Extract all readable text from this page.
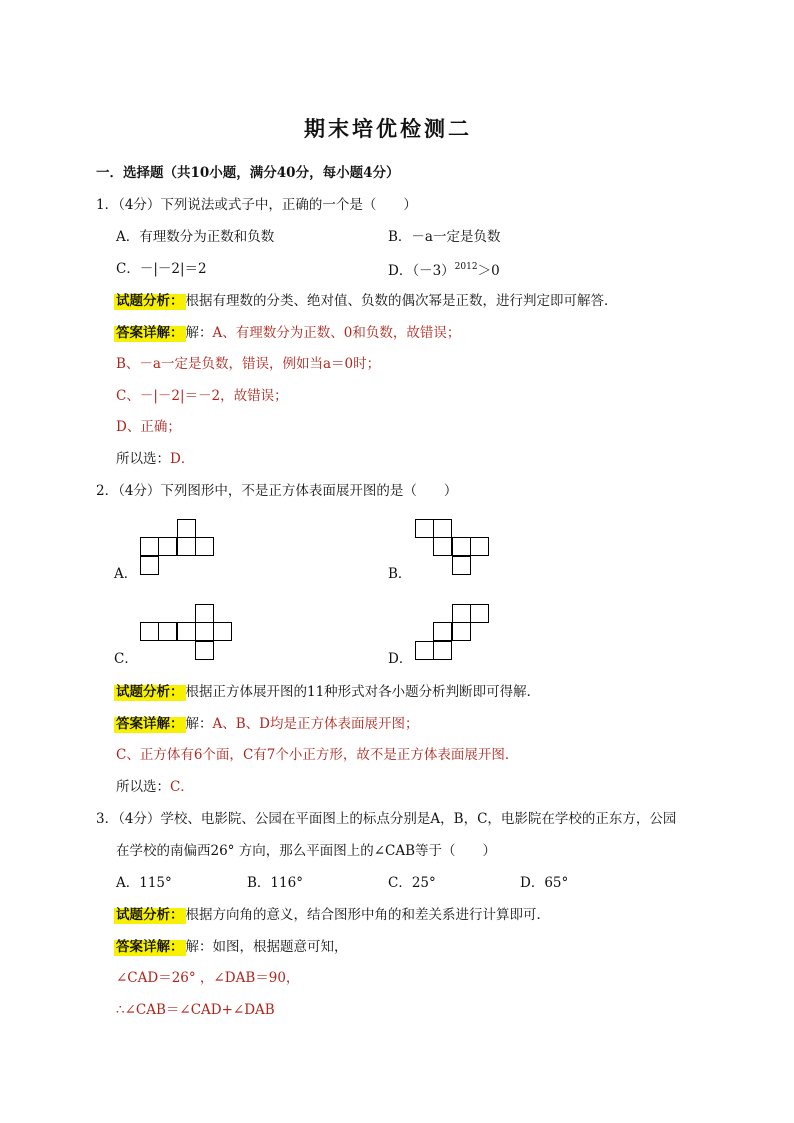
期末培优检测二
一．选择题（共10小题，满分40分，每小题4分）
1．（4分）下列说法或式子中，正确的一个是（　　）
A．有理数分为正数和负数	B．－a一定是负数
C．－|－2|＝2	D．$(-3)^{2012}>0$
试题分析： 根据有理数的分类、绝对值、负数的偶次幂是正数，进行判定即可解答．
答案详解： 解： A、 有理数分为正数、0和负数，故错误；
B、－a一定是负数，错误，例如当a＝0时；
C、－|－2|＝－2，故错误；
D、正确；
所以选：D．
2．（4分）下列图形中，不是正方体表面展开图的是（　　）
A．	B．
C．	D．
试题分析： 根据正方体展开图的11种形式对各小题分析判断即可得解．
答案详解： 解： A、B、D 均是正方体表面展开图；
C、正方体有6个面，C有7个小正方形，故不是正方体表面展开图．
所以选：C．
3．（4分）学校、电影院、公园在平面图上的标点分别是A，B，C，电影院在学校的正东方，公园
在学校的南偏西26° 方向，那么平面图上的∠CAB等于（　　）
A．115°	B．116°	C．25°	D．65°
试题分析： 根据方向角的意义，结合图形中角的和差关系进行计算即可．
答案详解： 解：如图，根据题意可知，
∠CAD＝26° ，∠DAB＝90，
∴∠CAB＝∠CAD+∠DAB
